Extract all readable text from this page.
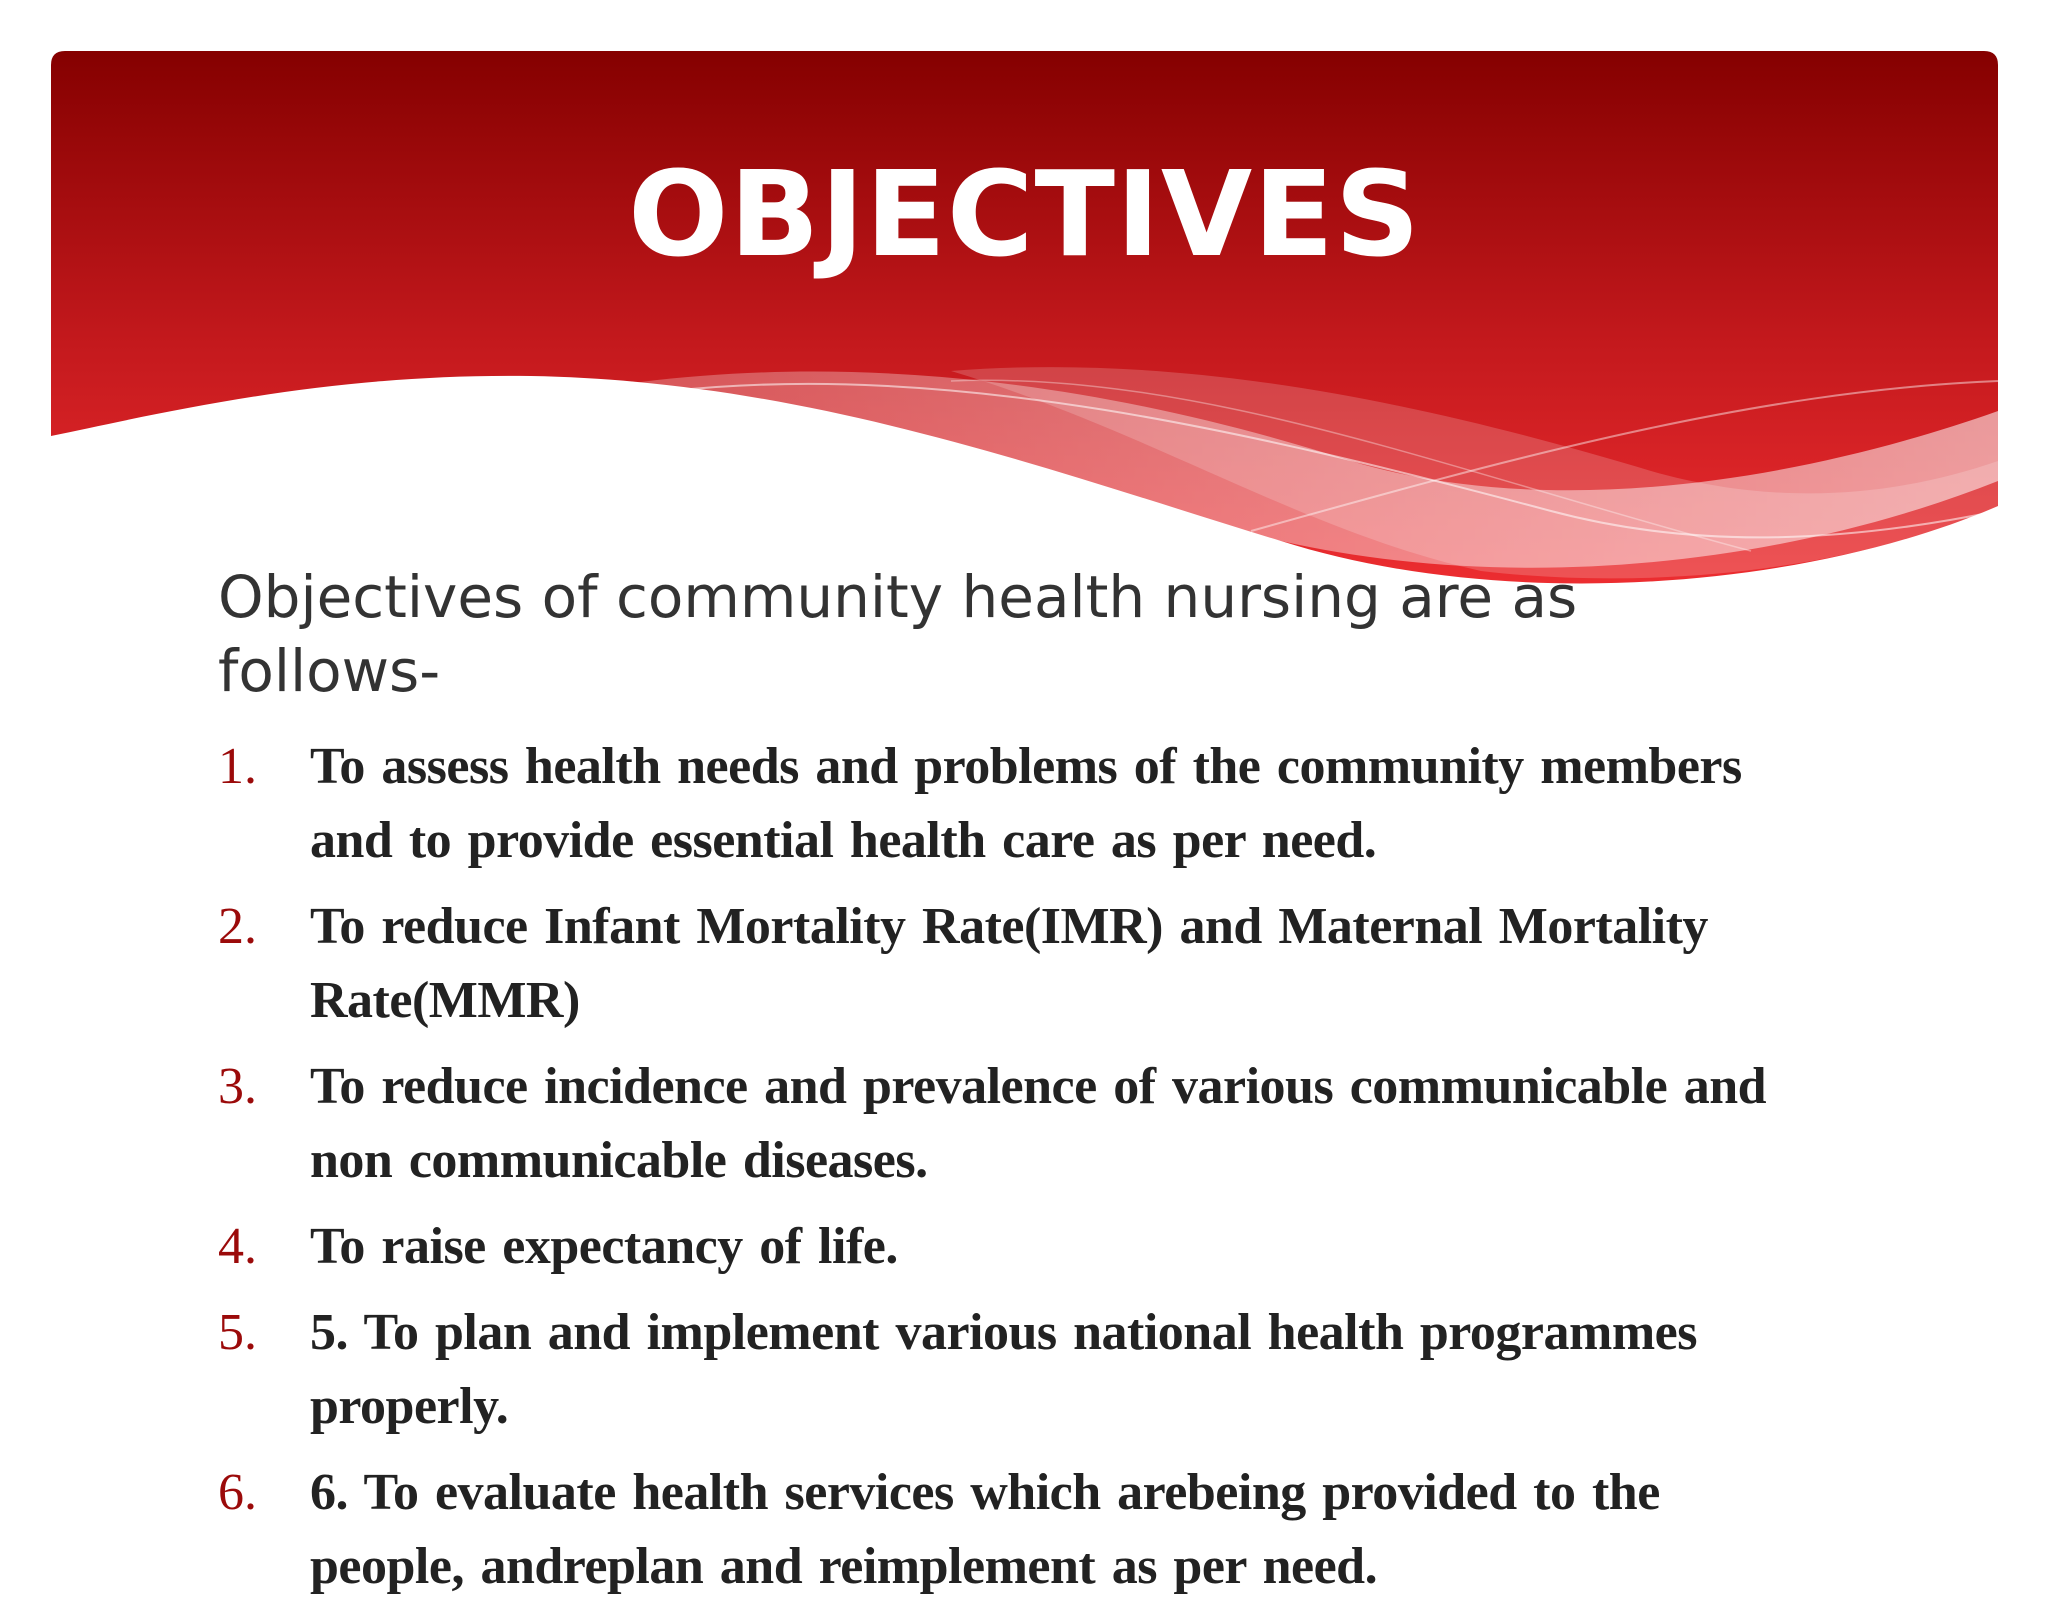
OBJECTIVES

Objectives of community health nursing are as follows-

1.	To assess health needs and problems of the community members and to provide essential health care as per need.
2.	To reduce Infant Mortality Rate(IMR) and Maternal Mortality Rate(MMR)
3.	To reduce incidence and prevalence of various communicable and non communicable diseases.
4.	To raise expectancy of life.
5.	5. To plan and implement various national health programmes properly.
6.	6. To evaluate health services which arebeing provided to the people, andreplan and reimplement as per need.
